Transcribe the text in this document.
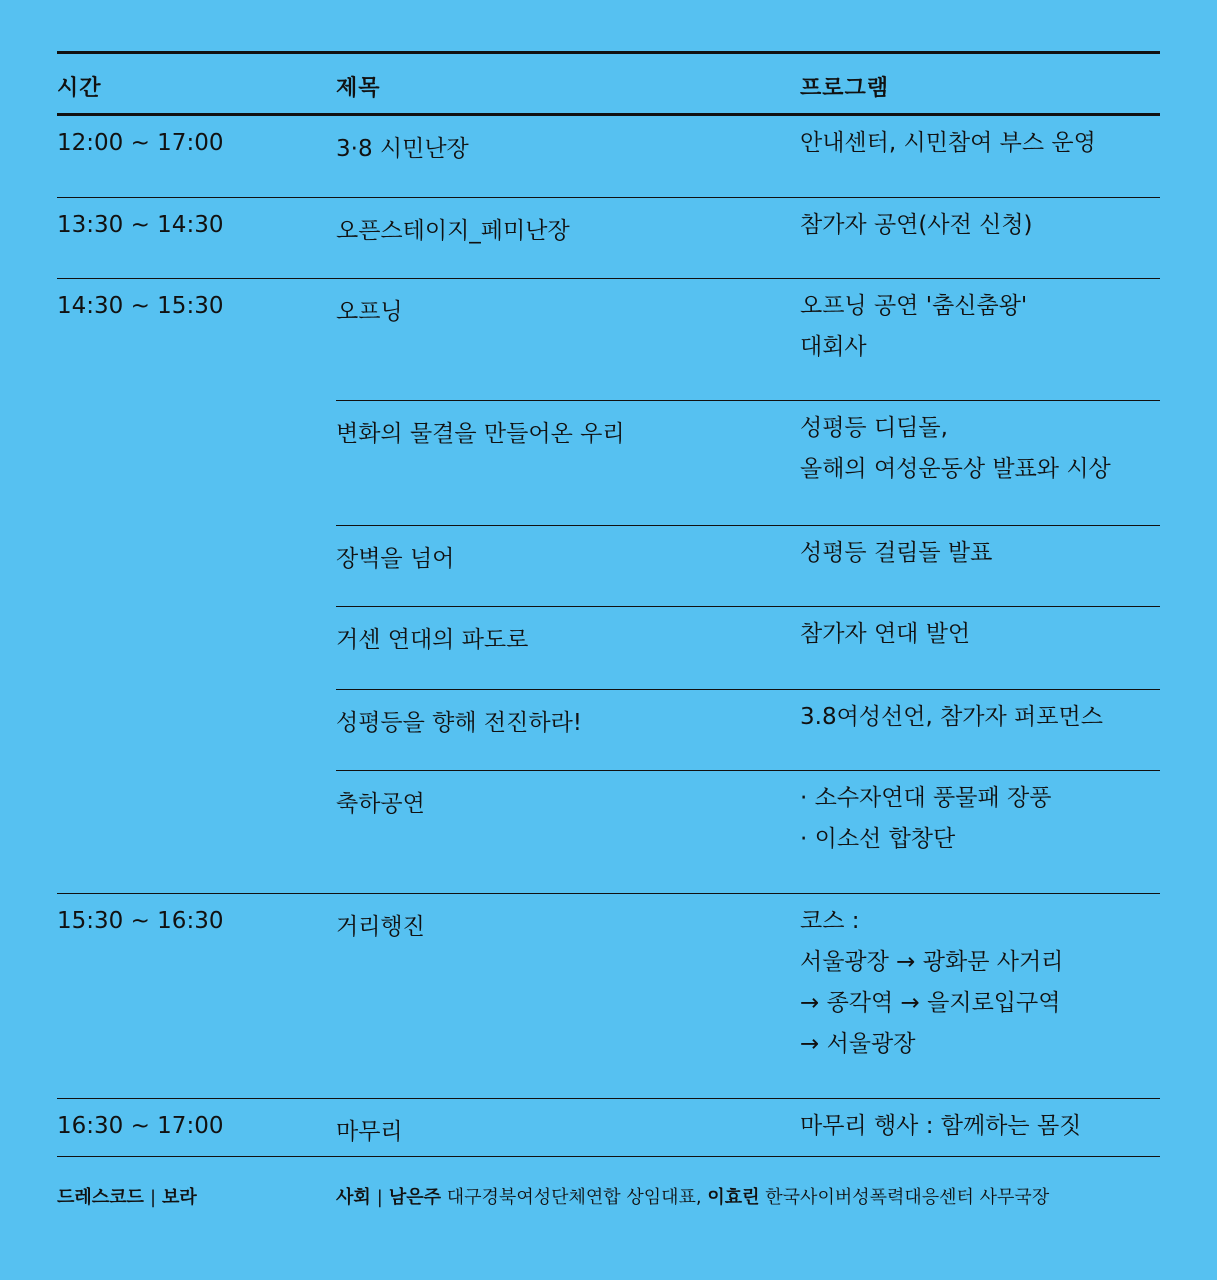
시간	제목	프로그램
12:00 ~ 17:00	3·8 시민난장	안내센터, 시민참여 부스 운영
13:30 ~ 14:30	오픈스테이지_페미난장	참가자 공연(사전 신청)
14:30 ~ 15:30	오프닝	오프닝 공연 '춤신춤왕'
대회사
변화의 물결을 만들어온 우리	성평등 디딤돌,
올해의 여성운동상 발표와 시상
장벽을 넘어	성평등 걸림돌 발표
거센 연대의 파도로	참가자 연대 발언
성평등을 향해 전진하라!	3.8여성선언, 참가자 퍼포먼스
축하공연	· 소수자연대 풍물패 장풍
· 이소선 합창단
15:30 ~ 16:30	거리행진	코스 :
서울광장 → 광화문 사거리
→ 종각역 → 을지로입구역
→ 서울광장
16:30 ~ 17:00	마무리	마무리 행사 : 함께하는 몸짓
드레스코드 | 보라	사회 | 남은주 대구경북여성단체연합 상임대표, 이효린 한국사이버성폭력대응센터 사무국장
